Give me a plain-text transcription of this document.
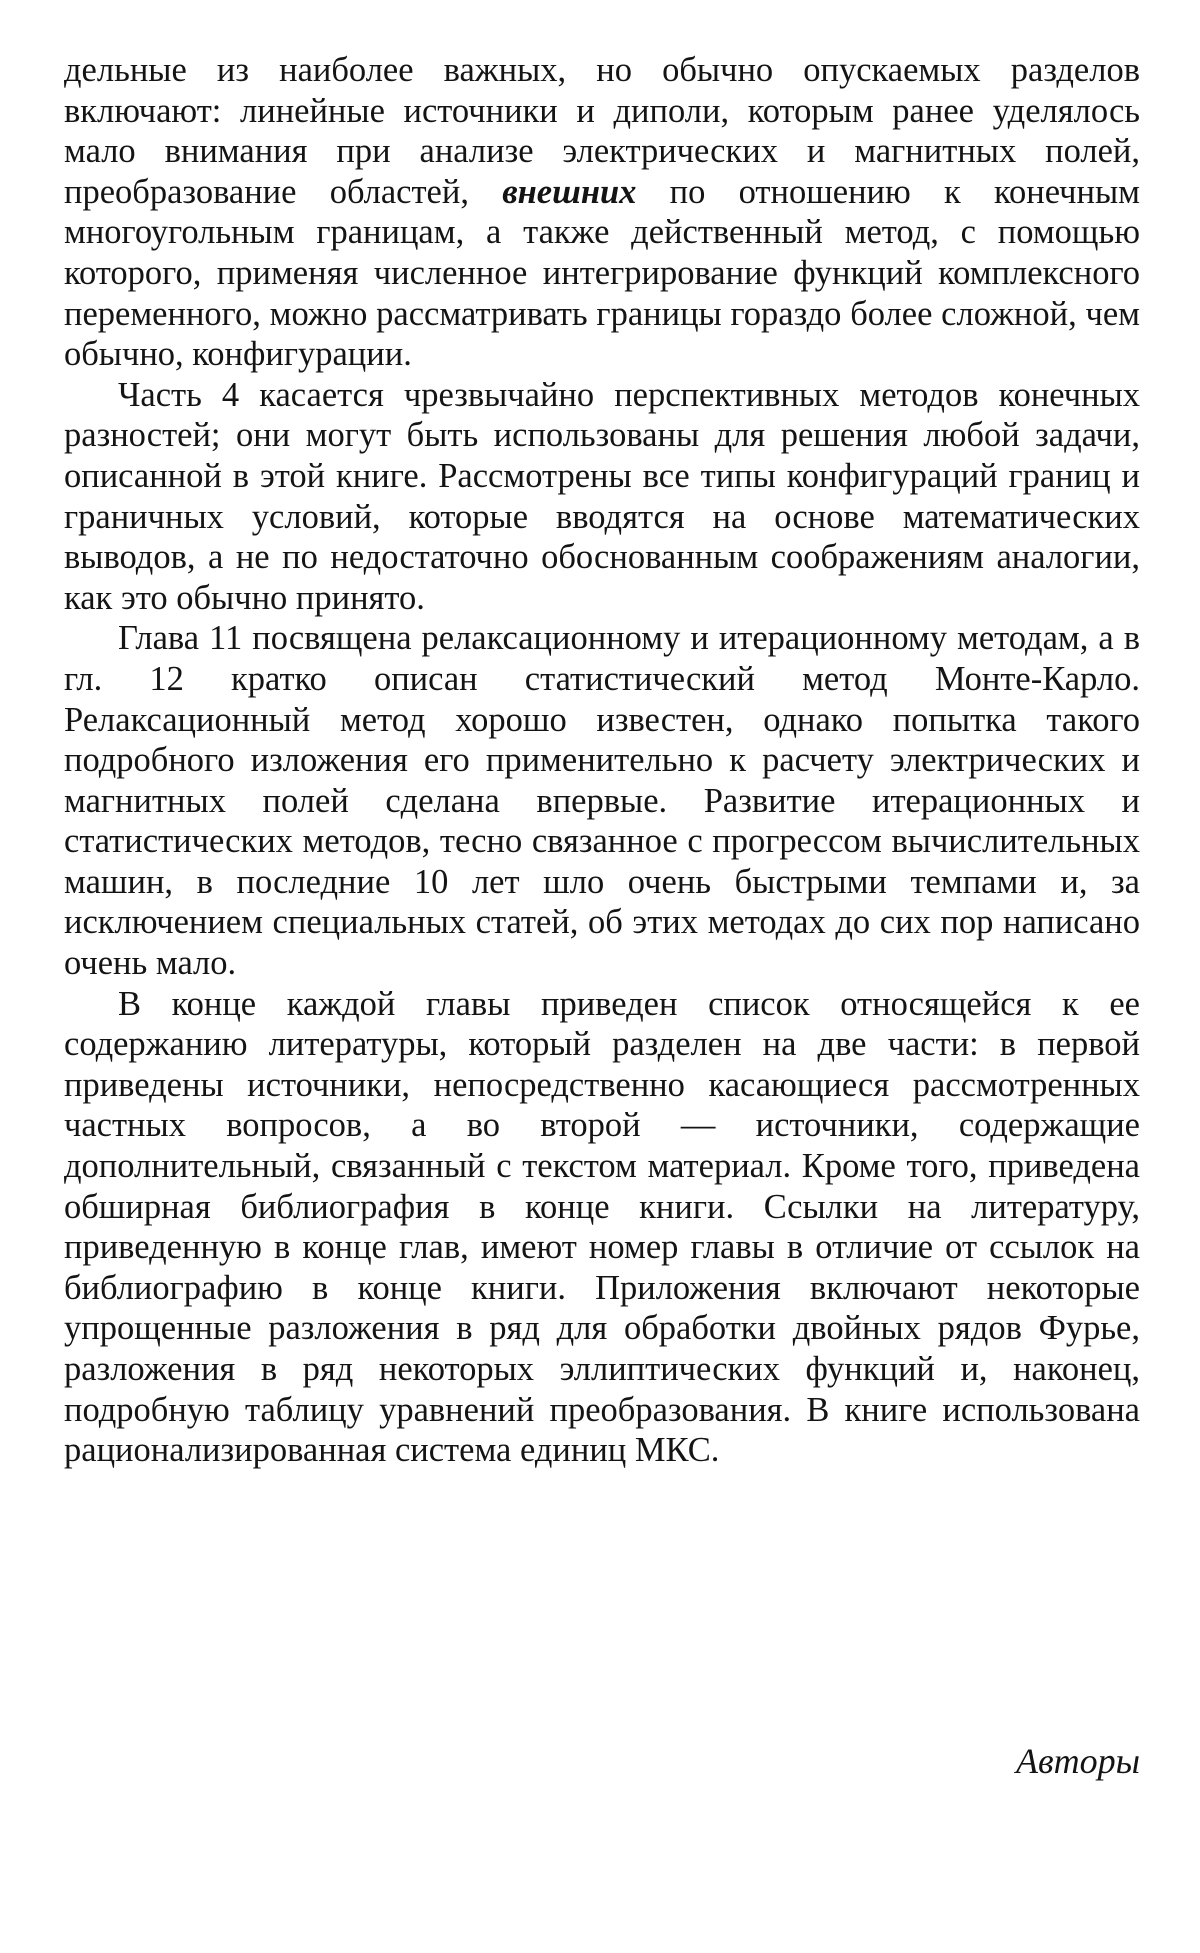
дельные из наиболее важных, но обычно опускаемых разделов включают: линейные источники и диполи, которым ранее уделялось мало внимания при анализе электрических и магнитных полей, преобразование областей, внешних по отношению к конечным многоугольным границам, а также действенный метод, с помощью которого, применяя численное интегрирование функций комплексного переменного, можно рассматривать границы гораздо более сложной, чем обычно, конфигурации.

Часть 4 касается чрезвычайно перспективных методов конечных разностей; они могут быть использованы для решения любой задачи, описанной в этой книге. Рассмотрены все типы конфигураций границ и граничных условий, которые вводятся на основе математических выводов, а не по недостаточно обоснованным соображениям аналогии, как это обычно принято.

Глава 11 посвящена релаксационному и итерационному методам, а в гл. 12 кратко описан статистический метод Монте-Карло. Релаксационный метод хорошо известен, однако попытка такого подробного изложения его применительно к расчету электрических и магнитных полей сделана впервые. Развитие итерационных и статистических методов, тесно связанное с прогрессом вычислительных машин, в последние 10 лет шло очень быстрыми темпами и, за исключением специальных статей, об этих методах до сих пор написано очень мало.

В конце каждой главы приведен список относящейся к ее содержанию литературы, который разделен на две части: в первой приведены источники, непосредственно касающиеся рассмотренных частных вопросов, а во второй — источники, содержащие дополнительный, связанный с текстом материал. Кроме того, приведена обширная библиография в конце книги. Ссылки на литературу, приведенную в конце глав, имеют номер главы в отличие от ссылок на библиографию в конце книги. Приложения включают некоторые упрощенные разложения в ряд для обработки двойных рядов Фурье, разложения в ряд некоторых эллиптических функций и, наконец, подробную таблицу уравнений преобразования. В книге использована рационализированная система единиц МКС.

Авторы
